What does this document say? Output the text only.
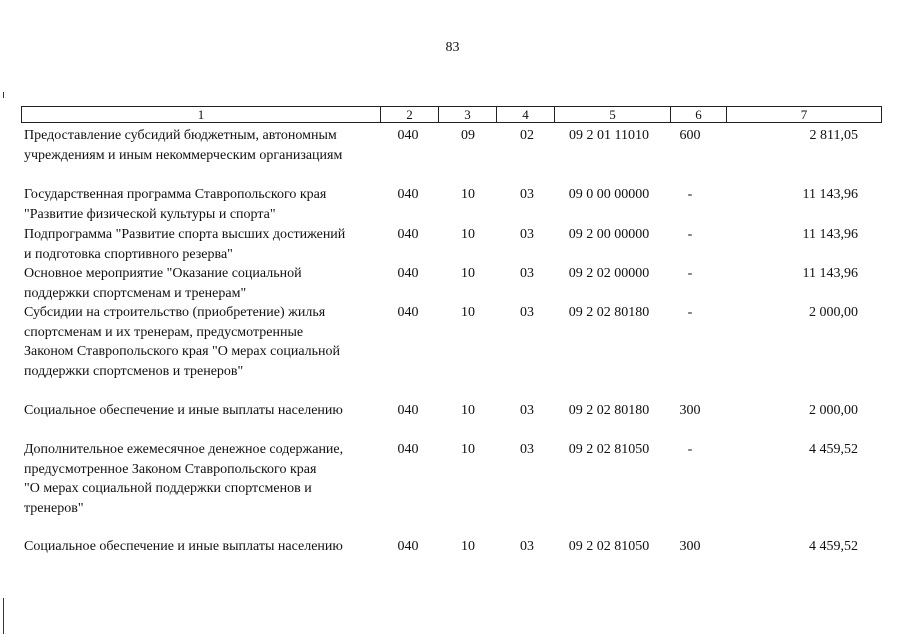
83
1	2	3	4	5	6	7
Предоставление субсидий бюджетным, автономным
учреждениям и иным некоммерческим организациям
040	09	02	09 2 01 11010	600	2 811,05
Государственная программа Ставропольского края
"Развитие физической культуры и спорта"
040	10	03	09 0 00 00000	-	11 143,96
Подпрограмма "Развитие спорта высших достижений
и подготовка спортивного резерва"
040	10	03	09 2 00 00000	-	11 143,96
Основное мероприятие "Оказание социальной
поддержки спортсменам и тренерам"
040	10	03	09 2 02 00000	-	11 143,96
Субсидии на строительство (приобретение) жилья
спортсменам и их тренерам, предусмотренные
Законом Ставропольского края "О мерах социальной
поддержки спортсменов и тренеров"
040	10	03	09 2 02 80180	-	2 000,00
Социальное обеспечение и иные выплаты населению	040	10	03	09 2 02 80180	300	2 000,00
Дополнительное ежемесячное денежное содержание,
предусмотренное Законом Ставропольского края
"О мерах социальной поддержки спортсменов и
тренеров"
040	10	03	09 2 02 81050	-	4 459,52
Социальное обеспечение и иные выплаты населению	040	10	03	09 2 02 81050	300	4 459,52
